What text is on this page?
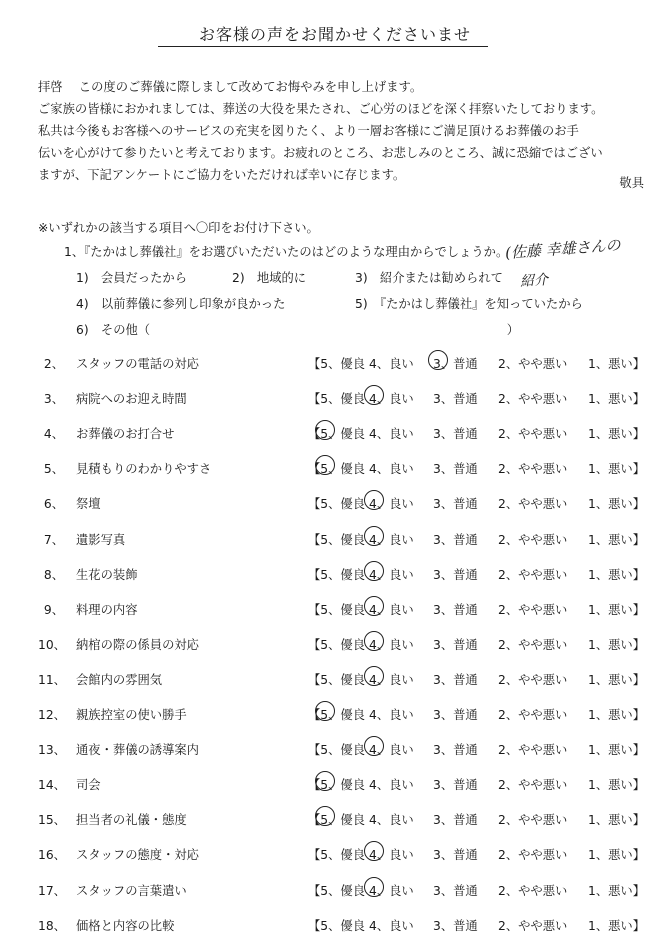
お客様の声をお聞かせくださいませ
拝啓　 この度のご葬儀に際しまして改めてお悔やみを申し上げます。
ご家族の皆様におかれましては、葬送の大役を果たされ、ご心労のほどを深く拝察いたしております。
私共は今後もお客様へのサービスの充実を図りたく、より一層お客様にご満足頂けるお葬儀のお手
伝いを心がけて参りたいと考えております。お疲れのところ、お悲しみのところ、誠に恐縮ではござい
ますが、下記アンケートにご協力をいただければ幸いに存じます。
敬具
※いずれかの該当する項目へ〇印をお付け下さい。
1、『たかはし葬儀社』をお選びいただいたのはどのような理由からでしょうか。
1)　会員だったから	2)　地域的に	3)　紹介または勧められて
4)　以前葬儀に参列し印象が良かった	5)　『たかはし葬儀社』を知っていたから
6)　その他（　　　　　　　　　　　　　　　　　　　　　　　　　　　　　）
(佐藤 幸雄さんの
紹介
2、 スタッフの電話の対応	【5、優良 4、良い 3、普通 2、やや悪い 1、悪い】
3、 病院へのお迎え時間	【5、優良 4、良い 3、普通 2、やや悪い 1、悪い】
4、 お葬儀のお打合せ	【5、優良 4、良い 3、普通 2、やや悪い 1、悪い】
5、 見積もりのわかりやすさ	【5、優良 4、良い 3、普通 2、やや悪い 1、悪い】
6、 祭壇	【5、優良 4、良い 3、普通 2、やや悪い 1、悪い】
7、 遺影写真	【5、優良 4、良い 3、普通 2、やや悪い 1、悪い】
8、 生花の装飾	【5、優良 4、良い 3、普通 2、やや悪い 1、悪い】
9、 料理の内容	【5、優良 4、良い 3、普通 2、やや悪い 1、悪い】
10、 納棺の際の係員の対応	【5、優良 4、良い 3、普通 2、やや悪い 1、悪い】
11、 会館内の雰囲気	【5、優良 4、良い 3、普通 2、やや悪い 1、悪い】
12、 親族控室の使い勝手	【5、優良 4、良い 3、普通 2、やや悪い 1、悪い】
13、 通夜・葬儀の誘導案内	【5、優良 4、良い 3、普通 2、やや悪い 1、悪い】
14、 司会	【5、優良 4、良い 3、普通 2、やや悪い 1、悪い】
15、 担当者の礼儀・態度	【5、優良 4、良い 3、普通 2、やや悪い 1、悪い】
16、 スタッフの態度・対応	【5、優良 4、良い 3、普通 2、やや悪い 1、悪い】
17、 スタッフの言葉遣い	【5、優良 4、良い 3、普通 2、やや悪い 1、悪い】
18、 価格と内容の比較	【5、優良 4、良い 3、普通 2、やや悪い 1、悪い】
